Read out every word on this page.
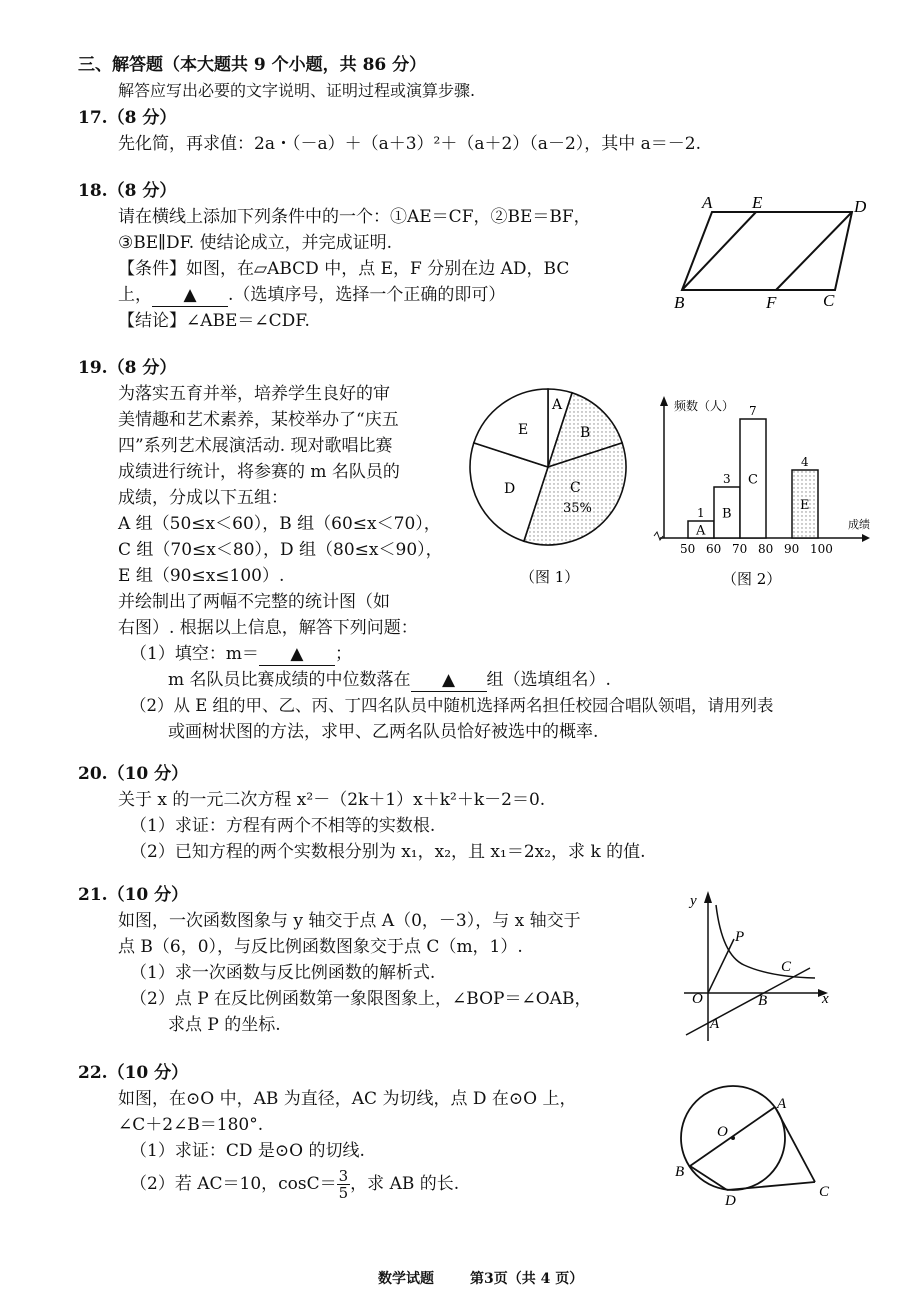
三、解答题（本大题共 9 个小题，共 86 分）
解答应写出必要的文字说明、证明过程或演算步骤.
17.（8 分）
先化简，再求值：2a・（－a）＋（a＋3）²＋（a＋2）（a－2），其中 a＝－2.
18.（8 分）
请在横线上添加下列条件中的一个：①AE＝CF，②BE＝BF，
③BE∥DF. 使结论成立，并完成证明.
【条件】如图，在▱ABCD 中，点 E，F 分别在边 AD，BC
上， ▲ .（选填序号，选择一个正确的即可）
【结论】∠ABE＝∠CDF.
A E	D
B	F	C
19.（8 分）
为落实五育并举，培养学生良好的审
美情趣和艺术素养，某校举办了“庆五
四”系列艺术展演活动. 现对歌唱比赛
成绩进行统计，将参赛的 m 名队员的
成绩，分成以下五组：
A 组（50≤x＜60），B 组（60≤x＜70），
C 组（70≤x＜80），D 组（80≤x＜90），
E 组（90≤x≤100）.
并绘制出了两幅不完整的统计图（如
右图）. 根据以上信息，解答下列问题：
（1）填空：m＝ ▲ ；
m 名队员比赛成绩的中位数落在 ▲ 组（选填组名）.
（2）从 E 组的甲、乙、丙、丁四名队员中随机选择两名担任校园合唱队领唱，请用列表
或画树状图的方法，求甲、乙两名队员恰好被选中的概率.
A
B
C
35%
D
E
（图 1）
频数（人）
成绩
A
1 B
3 C
7
E
4
50 60 70 80 90 100
（图 2）
20.（10 分）
关于 x 的一元二次方程 x²－（2k＋1）x＋k²＋k－2＝0.
（1）求证：方程有两个不相等的实数根.
（2）已知方程的两个实数根分别为 x₁，x₂，且 x₁＝2x₂，求 k 的值.
21.（10 分）
如图，一次函数图象与 y 轴交于点 A（0，－3），与 x 轴交于
点 B（6，0），与反比例函数图象交于点 C（m，1）.
（1）求一次函数与反比例函数的解析式.
（2）点 P 在反比例函数第一象限图象上，∠BOP＝∠OAB，
求点 P 的坐标.
y
P
C
O	B	x
A
22.（10 分）
如图，在⊙O 中，AB 为直径，AC 为切线，点 D 在⊙O 上，
∠C＋2∠B＝180°.
（1）求证：CD 是⊙O 的切线.
（2）若 AC＝10，$\cos C= \frac{3}{5}$ ，求 AB 的长.
A
O
B
D
C
数学试题	第3页（共 4 页）
